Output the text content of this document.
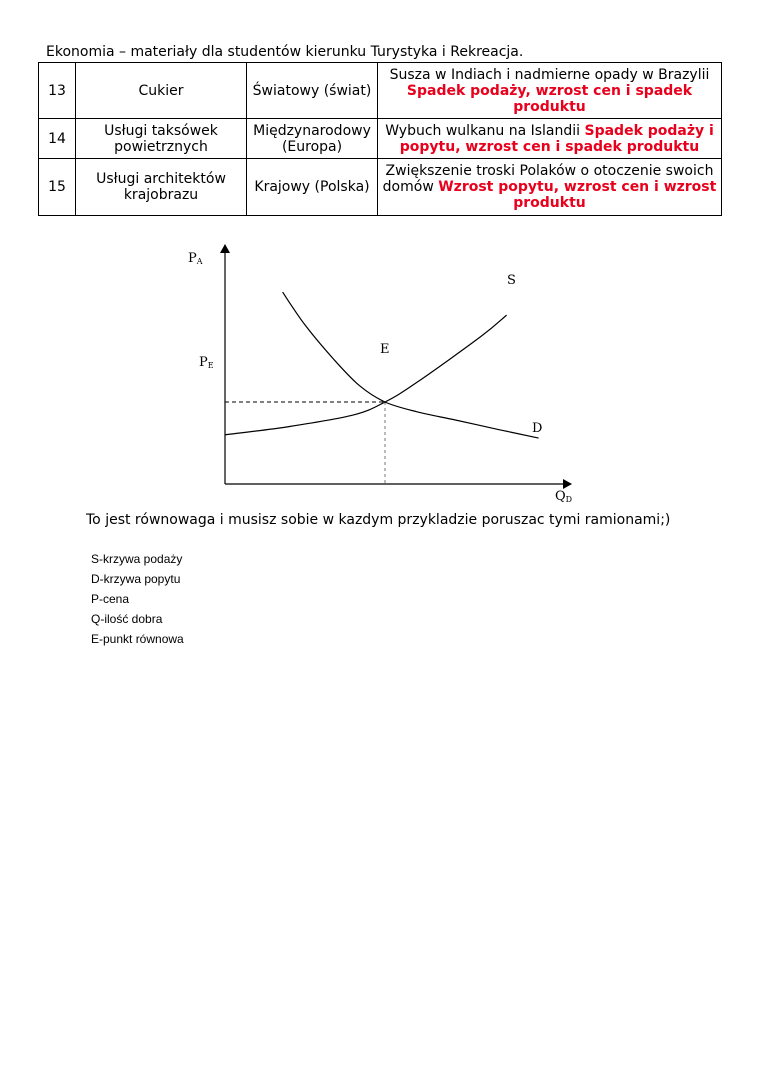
Ekonomia – materiały dla studentów kierunku Turystyka i Rekreacja.
13	Cukier	Światowy (świat)	Susza w Indiach i nadmierne opady w Brazylii Spadek podaży, wzrost cen i spadek produktu
14	Usługi taksówek powietrznych	Międzynarodowy (Europa)	Wybuch wulkanu na Islandii Spadek podaży i popytu, wzrost cen i spadek produktu
15	Usługi architektów krajobrazu	Krajowy (Polska)	Zwiększenie troski Polaków o otoczenie swoich domów Wzrost popytu, wzrost cen i wzrost produktu
PA
PE
QD
E
S
D
To jest równowaga i musisz sobie w kazdym przykladzie poruszac tymi ramionami;)
S-krzywa podaży
D-krzywa popytu
P-cena
Q-ilość dobra
E-punkt równowa
